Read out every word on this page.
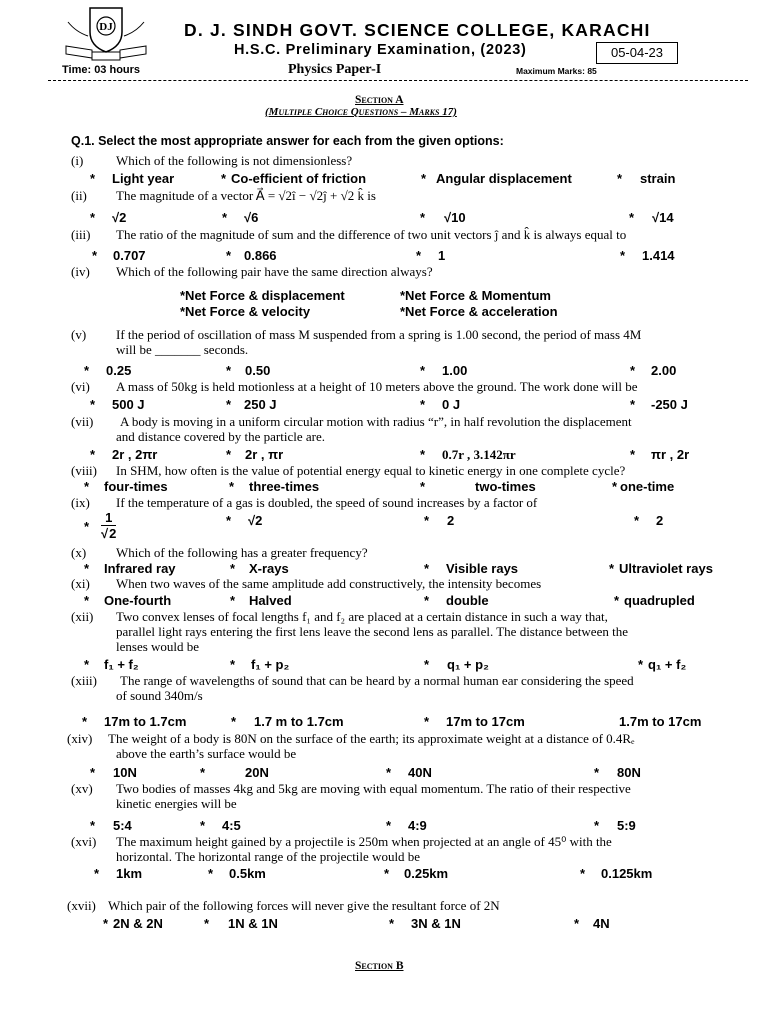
DJ	D. J. SINDH GOVT. SCIENCE COLLEGE, KARACHI
H.S.C. Preliminary Examination, (2023)	05-04-23
Time: 03 hours	Physics Paper-I	Maximum Marks: 85
Section A
(Multiple Choice Questions – Marks 17)
Q.1. Select the most appropriate answer for each from the given options:
(i)	Which of the following is not dimensionless?
* Light year	* Co-efficient of friction	* Angular displacement	* strain
(ii) The magnitude of a vector A⃗ = √2î − √2ĵ + √2 k̂ is
* √2	* √6	* √10	* √14
(iii) The ratio of the magnitude of sum and the difference of two unit vectors ĵ and k̂ is always equal to
* 0.707	* 0.866	* 1	* 1.414
(iv) Which of the following pair have the same direction always?
*Net Force & displacement	*Net Force & Momentum
*Net Force & velocity	*Net Force & acceleration
(v) If the period of oscillation of mass M suspended from a spring is 1.00 second, the period of mass 4M
will be _______ seconds.
* 0.25	* 0.50	* 1.00	* 2.00
(vi) A mass of 50kg is held motionless at a height of 10 meters above the ground. The work done will be
* 500 J	* 250 J	* 0 J	* -250 J
(vii) A body is moving in a uniform circular motion with radius “r”, in half revolution the displacement
and distance covered by the particle are.
* 2r , 2πr	* 2r , πr	* 0.7r , 3.142πr	* πr , 2r
(viii) In SHM, how often is the value of potential energy equal to kinetic energy in one complete cycle?
* four-times	* three-times	*	two-times	* one-time
(ix) If the temperature of a gas is doubled, the speed of sound increases by a factor of
* $\frac{1}{√2}$	* √2	* 2	* 2
(x) Which of the following has a greater frequency?
* Infrared ray	* X-rays	* Visible rays	* Ultraviolet rays
(xi) When two waves of the same amplitude add constructively, the intensity becomes
* One-fourth	* Halved	* double	* quadrupled
(xii) Two convex lenses of focal lengths f₁ and f₂ are placed at a certain distance in such a way that,
parallel light rays entering the first lens leave the second lens as parallel. The distance between the
lenses would be
* f₁ + f₂	* f₁ + p₂	* q₁ + p₂	* q₁ + f₂
(xiii) The range of wavelengths of sound that can be heard by a normal human ear considering the speed
of sound 340m/s
* 17m to 1.7cm	* 1.7 m to 1.7cm	* 17m to 17cm	1.7m to 17cm
(xiv) The weight of a body is 80N on the surface of the earth; its approximate weight at a distance of 0.4Rₑ
above the earth’s surface would be
* 10N	*	20N	* 40N	* 80N
(xv) Two bodies of masses 4kg and 5kg are moving with equal momentum. The ratio of their respective
kinetic energies will be
* 5:4	* 4:5	* 4:9	* 5:9
(xvi) The maximum height gained by a projectile is 250m when projected at an angle of 45⁰ with the
horizontal. The horizontal range of the projectile would be
* 1km	* 0.5km	* 0.25km	* 0.125km
(xvii) Which pair of the following forces will never give the resultant force of 2N
* 2N & 2N	* 1N & 1N	* 3N & 1N	* 4N
Section B
